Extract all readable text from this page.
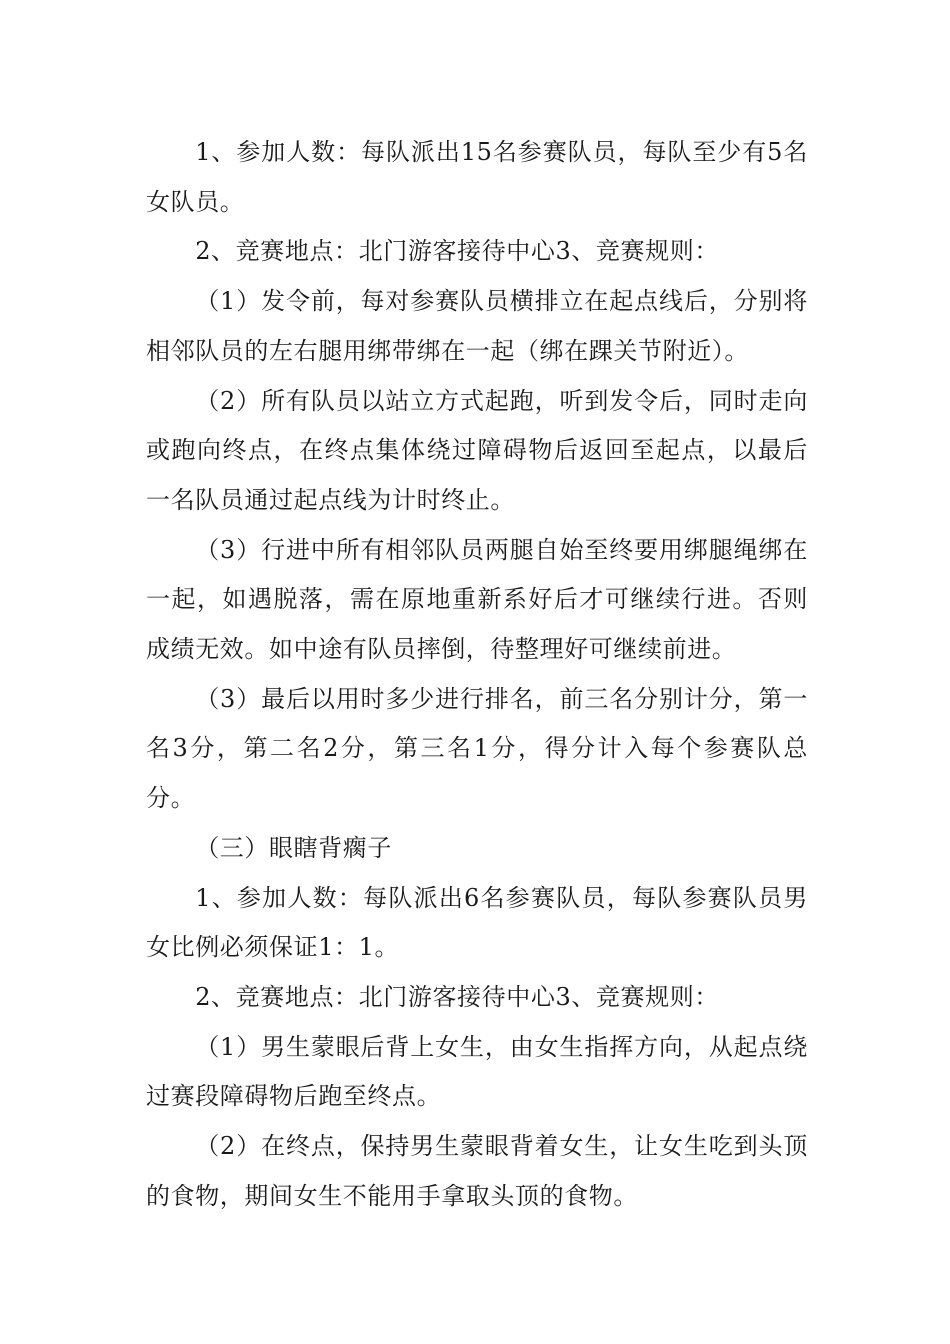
1、参加人数：每队派出15名参赛队员，每队至少有5名女队员。

2、竞赛地点：北门游客接待中心3、竞赛规则：

（1）发令前，每对参赛队员横排立在起点线后，分别将相邻队员的左右腿用绑带绑在一起（绑在踝关节附近）。

（2）所有队员以站立方式起跑，听到发令后，同时走向或跑向终点，在终点集体绕过障碍物后返回至起点，以最后一名队员通过起点线为计时终止。

（3）行进中所有相邻队员两腿自始至终要用绑腿绳绑在一起，如遇脱落，需在原地重新系好后才可继续行进。否则成绩无效。如中途有队员摔倒，待整理好可继续前进。

（3）最后以用时多少进行排名，前三名分别计分，第一名3分，第二名2分，第三名1分，得分计入每个参赛队总分。

（三）眼瞎背瘸子

1、参加人数：每队派出6名参赛队员，每队参赛队员男女比例必须保证1：1。

2、竞赛地点：北门游客接待中心3、竞赛规则：

（1）男生蒙眼后背上女生，由女生指挥方向，从起点绕过赛段障碍物后跑至终点。

（2）在终点，保持男生蒙眼背着女生，让女生吃到头顶的食物，期间女生不能用手拿取头顶的食物。
